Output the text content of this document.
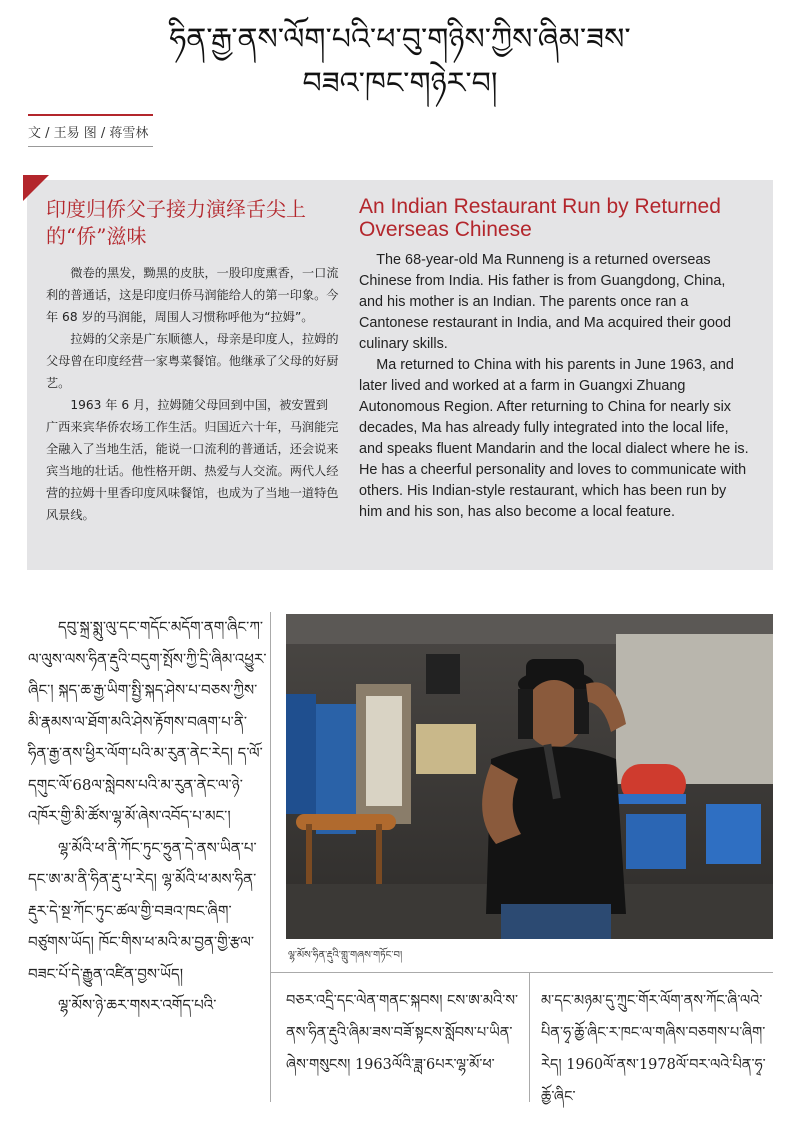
ཧིན་རྒྱ་ནས་ལོག་པའི་ཕ་བུ་གཉིས་ཀྱིས་ཞིམ་ཟས་
བཟའ་ཁང་གཉེར་བ།
文 / 王易 图 / 蒋雪林
印度归侨父子接力演绎舌尖上的“侨”滋味

微卷的黑发，黝黑的皮肤，一股印度熏香，一口流利的普通话，这是印度归侨马润能给人的第一印象。今年 68 岁的马润能，周围人习惯称呼他为“拉姆”。

拉姆的父亲是广东顺德人，母亲是印度人，拉姆的父母曾在印度经营一家粤菜餐馆。他继承了父母的好厨艺。

1963 年 6 月，拉姆随父母回到中国，被安置到广西来宾华侨农场工作生活。归国近六十年，马润能完全融入了当地生活，能说一口流利的普通话，还会说来宾当地的壮话。他性格开朗、热爱与人交流。两代人经营的拉姆十里香印度风味餐馆，也成为了当地一道特色风景线。

An Indian Restaurant Run by Returned Overseas Chinese

The 68-year-old Ma Runneng is a returned overseas Chinese from India. His father is from Guangdong, China, and his mother is an Indian. The parents once ran a Cantonese restaurant in India, and Ma acquired their good culinary skills.

Ma returned to China with his parents in June 1963, and later lived and worked at a farm in Guangxi Zhuang Autonomous Region. After returning to China for nearly six decades, Ma has already fully integrated into the local life, and speaks fluent Mandarin and the local dialect where he is. He has a cheerful personality and loves to communicate with others. His Indian-style restaurant, which has been run by him and his son, has also become a local feature.

དབུ་སྐྲ་སྨུ་ལུ་དང་གདོང་མདོག་ནག་ཞིང་ཀ་ལ་ལུས་ལས་ཧིན་རྡུའི་བདུག་སྤོས་ཀྱི་དྲི་ཞིམ་འཕྱུར་ཞིང་། སྐད་ཆ་རྒྱ་ཡིག་སྤྱི་སྐད་ཤེས་པ་བཅས་ཀྱིས་མི་རྣམས་ལ་ཐོག་མའི་ཤེས་རྟོགས་བཞག་པ་ནི་ཧིན་རྒྱ་ནས་ཕྱིར་ལོག་པའི་མ་རུན་ནེང་རེད། ད་ལོ་དགུང་ལོ་68ལ་སླེབས་པའི་མ་རུན་ནེང་ལ་ཉེ་འཁོར་གྱི་མི་ཚོས་ལྷ་མོ་ཞེས་འབོད་པ་མང་།

ལྷ་མོའི་ཕ་ནི་ཀོང་ཏུང་ཧྲུན་དེ་ནས་ཡིན་པ་དང་ཨ་མ་ནི་ཧིན་རྡུ་པ་རེད། ལྷ་མོའི་ཕ་མས་ཧིན་རྡུར་དེ་སྔ་ཀོང་ཏུང་ཚལ་གྱི་བཟའ་ཁང་ཞིག་བཙུགས་ཡོད། ཁོང་གིས་ཕ་མའི་མ་བྱན་གྱི་རྩལ་བཟང་པོ་དེ་རྒྱུན་འཛིན་བྱས་ཡོད།

ལྷ་མོས་ཉེ་ཆར་གསར་འགོད་པའི་

ལྷ་མོས་ཧིན་རྡུའི་གླུ་གཞས་གཏོང་བ།
བཅར་འདྲི་དང་ལེན་གནང་སྐབས། ངས་ཨ་མའི་ས་ནས་ཧིན་རྡུའི་ཞིམ་ཟས་བཟོ་སྟངས་སློབས་པ་ཡིན་ཞེས་གསུངས། 1963ལོའི་ཟླ་6པར་ལྷ་མོ་ཕ་
མ་དང་མཉམ་དུ་ཀྲུང་གོར་ལོག་ནས་ཀོང་ཞི་ལའེ་པིན་ཧྭ་ཆྱོ་ཞིང་ར་ཁང་ལ་གཞིས་བཅགས་པ་ཞིག་རེད། 1960ལོ་ནས་1978ལོ་བར་ལའེ་པིན་ཧྭ་ཆྱོ་ཞིང་
